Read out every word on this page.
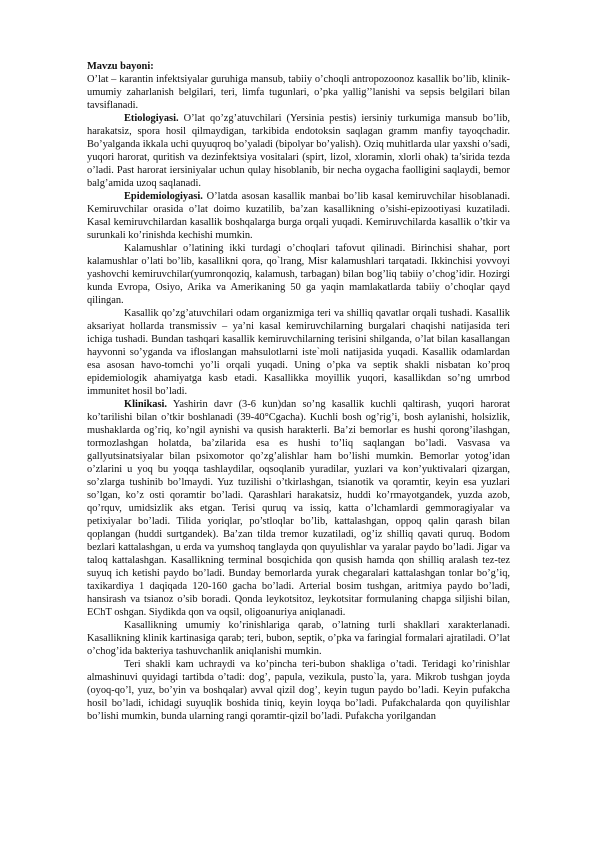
Mavzu bayoni:

O’lat – karantin infektsiyalar guruhiga mansub, tabiiy o’choqli antropozoonoz kasallik bo’lib, klinik-umumiy zaharlanish belgilari, teri, limfa tugunlari, o’pka yallig’’lanishi va sepsis belgilari bilan tavsiflanadi.

Etiologiyasi. O’lat qo’zg’atuvchilari (Yersinia pestis) iersiniy turkumiga mansub bo’lib, harakatsiz, spora hosil qilmaydigan, tarkibida endotoksin saqlagan gramm manfiy tayoqchadir. Bo’yalganda ikkala uchi quyuqroq bo’yaladi (bipolyar bo’yalish). Oziq muhitlarda ular yaxshi o’sadi, yuqori harorat, quritish va dezinfektsiya vositalari (spirt, lizol, xloramin, xlorli ohak) ta’sirida tezda o’ladi. Past harorat iersiniyalar uchun qulay hisoblanib, bir necha oygacha faolligini saqlaydi, bemor balg’amida uzoq saqlanadi.

Epidemiologiyasi. O’latda asosan kasallik manbai bo’lib kasal kemiruvchilar hisoblanadi. Kemiruvchilar orasida o’lat doimo kuzatilib, ba’zan kasallikning o’sishi-epizootiyasi kuzatiladi. Kasal kemiruvchilardan kasallik boshqalarga burga orqali yuqadi. Kemiruvchilarda kasallik o’tkir va surunkali ko’rinishda kechishi mumkin.

Kalamushlar o’latining ikki turdagi o’choqlari tafovut qilinadi. Birinchisi shahar, port kalamushlar o’lati bo’lib, kasallikni qora, qo`lrang, Misr kalamushlari tarqatadi. Ikkinchisi yovvoyi yashovchi kemiruvchilar(yumronqoziq, kalamush, tarbagan) bilan bog’liq tabiiy o’chog’idir. Hozirgi kunda Evropa, Osiyo, Arika va Amerikaning 50 ga yaqin mamlakatlarda tabiiy o’choqlar qayd qilingan.

Kasallik qo’zg’atuvchilari odam organizmiga teri va shilliq qavatlar orqali tushadi. Kasallik aksariyat hollarda transmissiv – ya’ni kasal kemiruvchilarning burgalari chaqishi natijasida teri ichiga tushadi. Bundan tashqari kasallik kemiruvchilarning terisini shilganda, o’lat bilan kasallangan hayvonni so’yganda va ifloslangan mahsulotlarni iste`moli natijasida yuqadi. Kasallik odamlardan esa asosan havo-tomchi yo’li orqali yuqadi. Uning o’pka va septik shakli nisbatan ko’proq epidemiologik ahamiyatga kasb etadi. Kasallikka moyillik yuqori, kasallikdan so’ng umrbod immunitet hosil bo’ladi.

Klinikasi. Yashirin davr (3-6 kun)dan so’ng kasallik kuchli qaltirash, yuqori harorat ko’tarilishi bilan o’tkir boshlanadi (39-40°Cgacha). Kuchli bosh og’rig’i, bosh aylanishi, holsizlik, mushaklarda og’riq, ko’ngil aynishi va qusish harakterli. Ba’zi bemorlar es hushi qorong’ilashgan, tormozlashgan holatda, ba’zilarida esa es hushi to’liq saqlangan bo’ladi. Vasvasa va gallyutsinatsiyalar bilan psixomotor qo’zg’alishlar ham bo’lishi mumkin. Bemorlar yotog’idan o’zlarini u yoq bu yoqqa tashlaydilar, oqsoqlanib yuradilar, yuzlari va kon’yuktivalari qizargan, so’zlarga tushinib bo’lmaydi. Yuz tuzilishi o’tkirlashgan, tsianotik va qoramtir, keyin esa yuzlari so’lgan, ko’z osti qoramtir bo’ladi. Qarashlari harakatsiz, huddi ko’rmayotgandek, yuzda azob, qo’rquv, umidsizlik aks etgan. Terisi quruq va issiq, katta o’lchamlardi gemmoragiyalar va petixiyalar bo’ladi. Tilida yoriqlar, po’stloqlar bo’lib, kattalashgan, oppoq qalin qarash bilan qoplangan (huddi surtgandek). Ba’zan tilda tremor kuzatiladi, og’iz shilliq qavati quruq. Bodom bezlari kattalashgan, u erda va yumshoq tanglayda qon quyulishlar va yaralar paydo bo’ladi. Jigar va taloq kattalashgan. Kasallikning terminal bosqichida qon qusish hamda qon shilliq aralash tez-tez suyuq ich ketishi paydo bo’ladi. Bunday bemorlarda yurak chegaralari kattalashgan tonlar bo’g’iq, taxikardiya 1 daqiqada 120-160 gacha bo’ladi. Arterial bosim tushgan, aritmiya paydo bo’ladi, hansirash va tsianoz o’sib boradi. Qonda leykotsitoz, leykotsitar formulaning chapga siljishi bilan, EChT oshgan. Siydikda qon va oqsil, oligoanuriya aniqlanadi.

Kasallikning umumiy ko’rinishlariga qarab, o’latning turli shakllari xarakterlanadi. Kasallikning klinik kartinasiga qarab; teri, bubon, septik, o’pka va faringial formalari ajratiladi. O’lat o’chog’ida bakteriya tashuvchanlik aniqlanishi mumkin.

Teri shakli kam uchraydi va ko’pincha teri-bubon shakliga o’tadi. Teridagi ko’rinishlar almashinuvi quyidagi tartibda o’tadi: dog’, papula, vezikula, pusto`la, yara. Mikrob tushgan joyda (oyoq-qo’l, yuz, bo’yin va boshqalar) avval qizil dog’, keyin tugun paydo bo’ladi. Keyin pufakcha hosil bo’ladi, ichidagi suyuqlik boshida tiniq, keyin loyqa bo’ladi. Pufakchalarda qon quyilishlar bo’lishi mumkin, bunda ularning rangi qoramtir-qizil bo’ladi. Pufakcha yorilgandan
